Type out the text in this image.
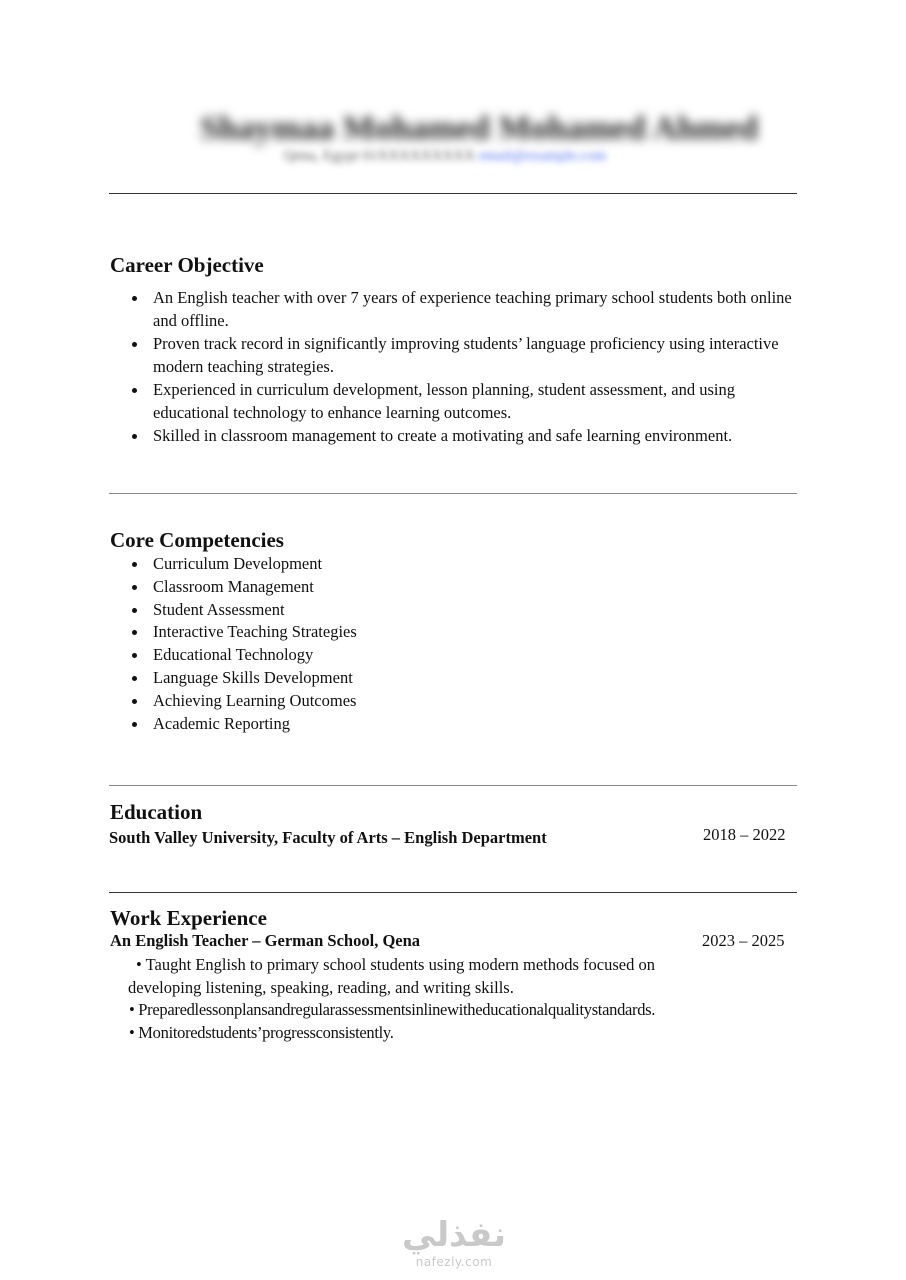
Shaymaa Mohamed Mohamed Ahmed
Qena, Egypt 01XXXXXXXXX email@example.com
Career Objective
An English teacher with over 7 years of experience teaching primary school students both online and offline.
Proven track record in significantly improving students’ language proficiency using interactive modern teaching strategies.
Experienced in curriculum development, lesson planning, student assessment, and using educational technology to enhance learning outcomes.
Skilled in classroom management to create a motivating and safe learning environment.
Core Competencies
Curriculum Development
Classroom Management
Student Assessment
Interactive Teaching Strategies
Educational Technology
Language Skills Development
Achieving Learning Outcomes
Academic Reporting
Education
South Valley University, Faculty of Arts – English Department	2018 – 2022
Work Experience
An English Teacher – German School, Qena	2023 – 2025
• Taught English to primary school students using modern methods focused on
developing listening, speaking, reading, and writing skills.
• Preparedlessonplansandregularassessmentsinlinewitheducationalqualitystandards.
• Monitoredstudents’progressconsistently.
نفذلي
nafezly.com
